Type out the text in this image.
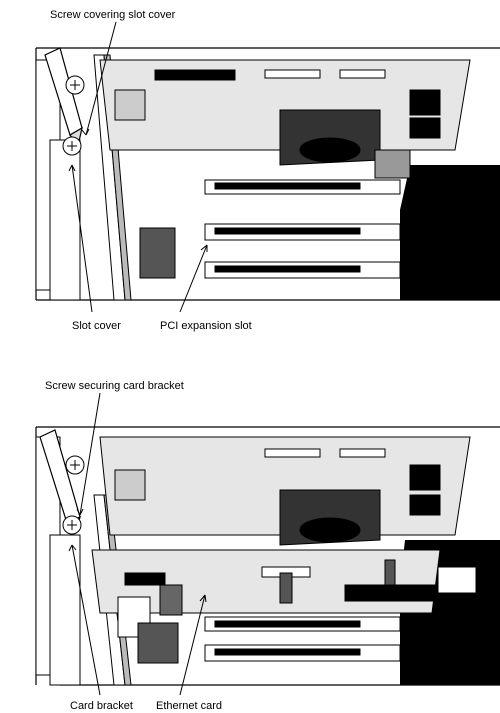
Screw covering slot cover
Slot cover	PCI expansion slot
Screw securing card bracket
Card bracket Ethernet card
